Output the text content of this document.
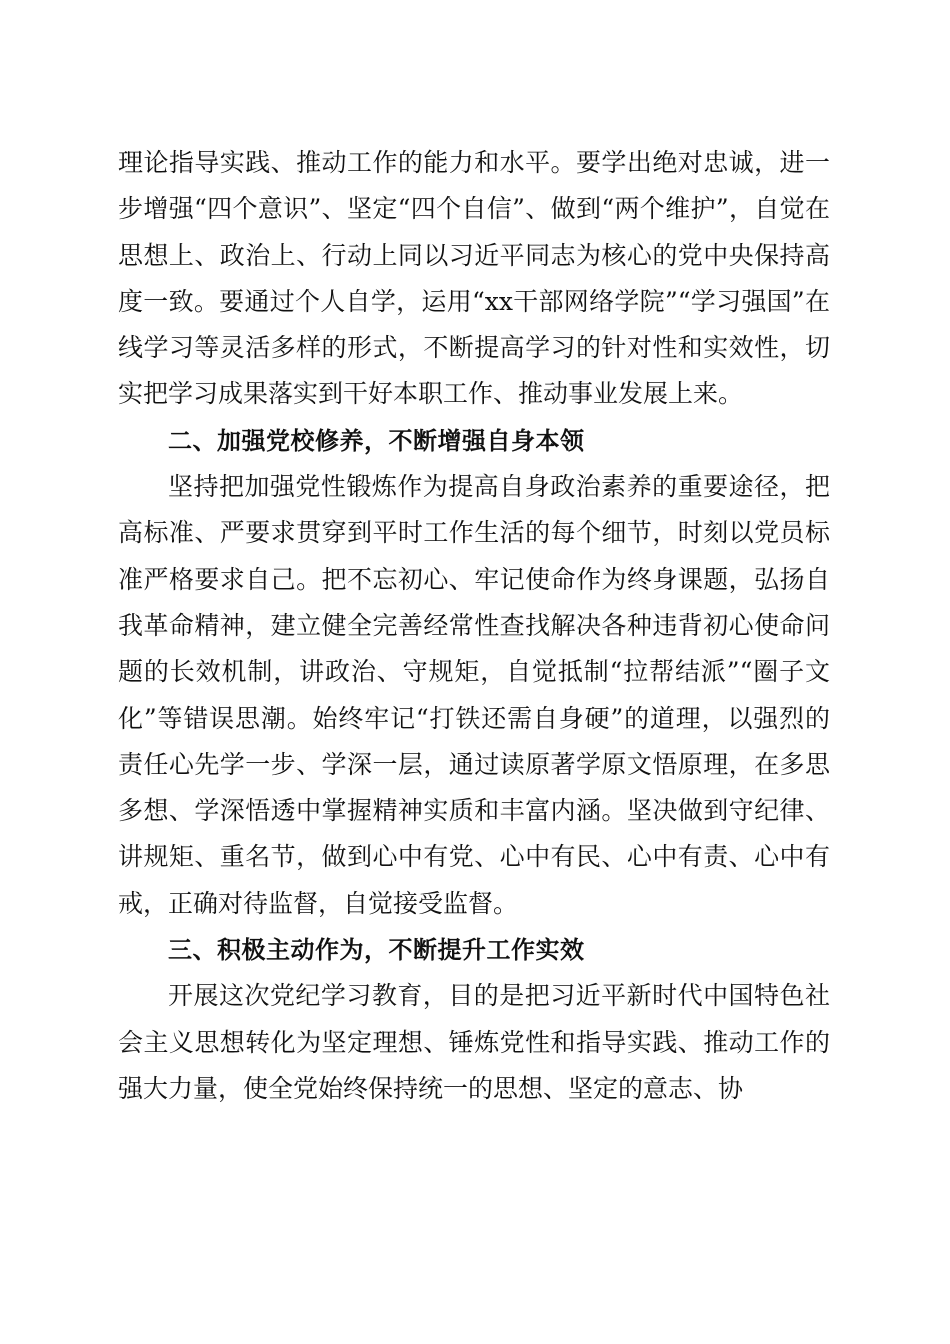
理论指导实践、推动工作的能力和水平。要学出绝对忠诚，进一步增强“四个意识”、坚定“四个自信”、做到“两个维护”，自觉在思想上、政治上、行动上同以习近平同志为核心的党中央保持高度一致。要通过个人自学，运用“xx干部网络学院”“学习强国”在线学习等灵活多样的形式，不断提高学习的针对性和实效性，切实把学习成果落实到干好本职工作、推动事业发展上来。

二、加强党校修养，不断增强自身本领

坚持把加强党性锻炼作为提高自身政治素养的重要途径，把高标准、严要求贯穿到平时工作生活的每个细节，时刻以党员标准严格要求自己。把不忘初心、牢记使命作为终身课题，弘扬自我革命精神，建立健全完善经常性查找解决各种违背初心使命问题的长效机制，讲政治、守规矩，自觉抵制“拉帮结派”“圈子文化”等错误思潮。始终牢记“打铁还需自身硬”的道理，以强烈的责任心先学一步、学深一层，通过读原著学原文悟原理，在多思多想、学深悟透中掌握精神实质和丰富内涵。坚决做到守纪律、讲规矩、重名节，做到心中有党、心中有民、心中有责、心中有戒，正确对待监督，自觉接受监督。

三、积极主动作为，不断提升工作实效

开展这次党纪学习教育，目的是把习近平新时代中国特色社会主义思想转化为坚定理想、锤炼党性和指导实践、推动工作的强大力量，使全党始终保持统一的思想、坚定的意志、协
